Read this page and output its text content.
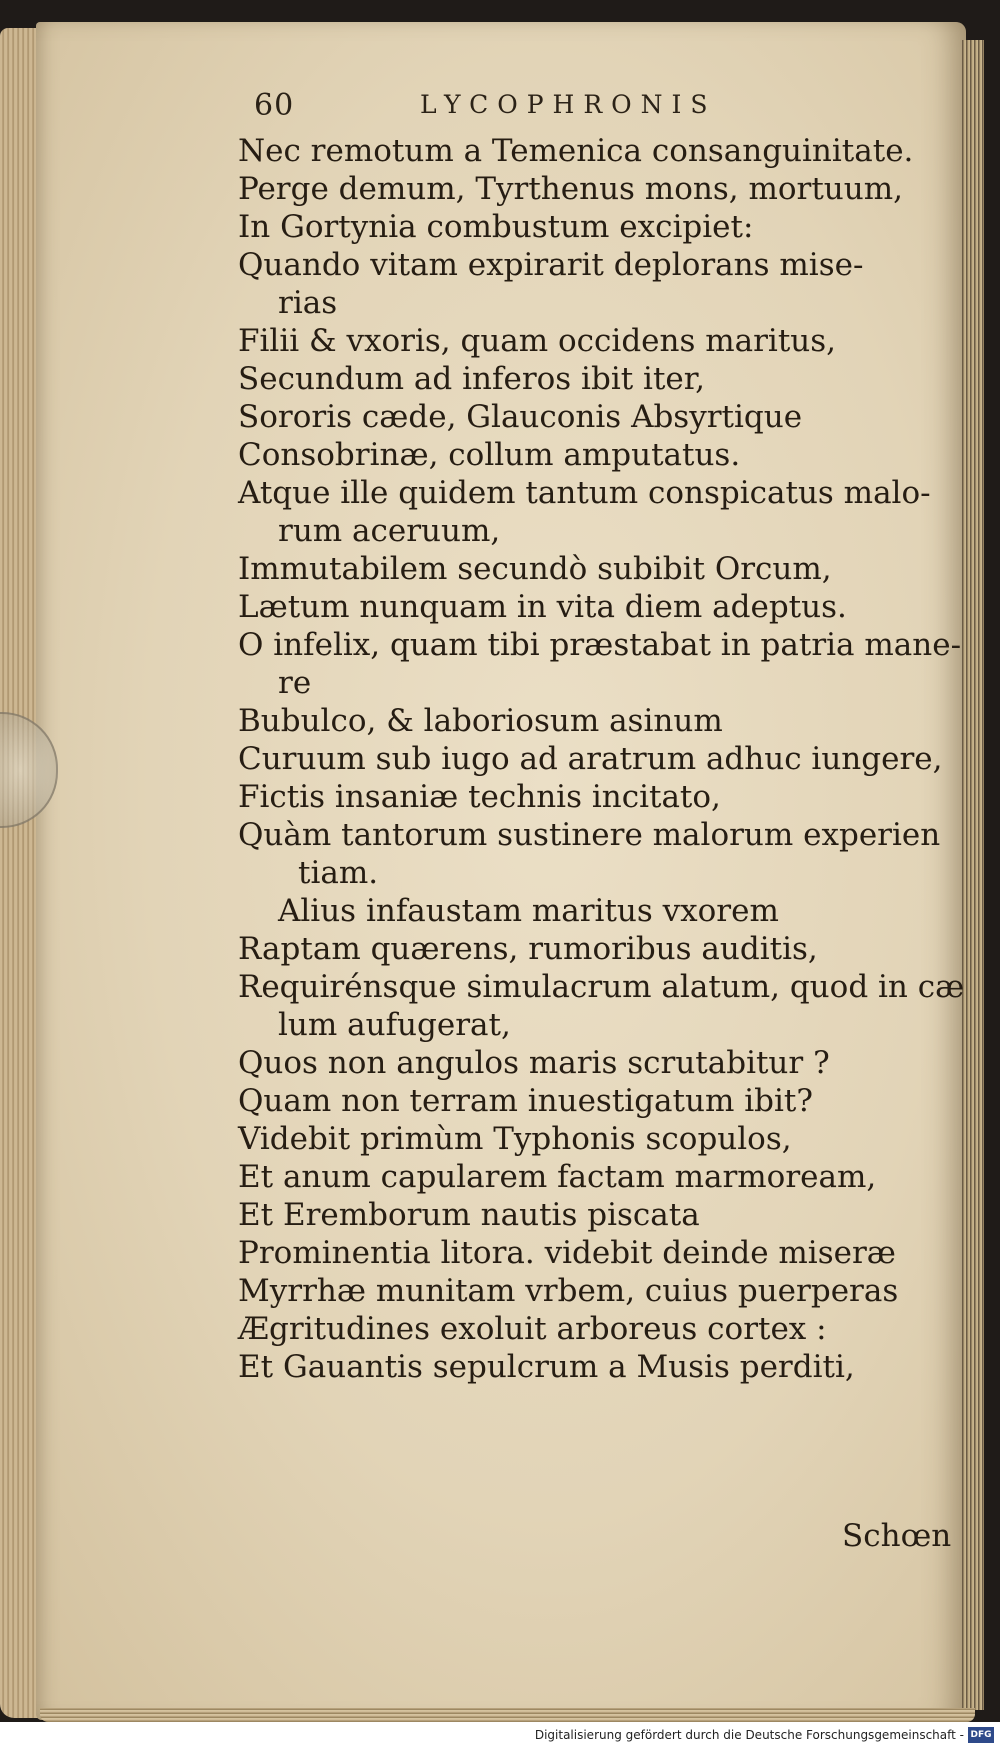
60	LYCOPHRONIS
Nec remotum a Temenica consanguinitate.
Perge demum, Tyrthenus mons, mortuum,
In Gortynia combustum excipiet:
Quando vitam expirarit deplorans mise-
rias
Filii & vxoris, quam occidens maritus,
Secundum ad inferos ibit iter,
Sororis cæde, Glauconis Absyrtique
Consobrinæ, collum amputatus.
Atque ille quidem tantum conspicatus malo-
rum aceruum,
Immutabilem secundò subibit Orcum,
Lætum nunquam in vita diem adeptus.
O infelix, quam tibi præstabat in patria mane-
re
Bubulco, & laboriosum asinum
Curuum sub iugo ad aratrum adhuc iungere,
Fictis insaniæ technis incitato,
Quàm tantorum sustinere malorum experien
tiam.
Alius infaustam maritus vxorem
Raptam quærens, rumoribus auditis,
Requirénsque simulacrum alatum, quod in cæ
lum aufugerat,
Quos non angulos maris scrutabitur ?
Quam non terram inuestigatum ibit?
Videbit primùm Typhonis scopulos,
Et anum capularem factam marmoream,
Et Eremborum nautis piscata
Prominentia litora. videbit deinde miseræ
Myrrhæ munitam vrbem, cuius puerperas
Ægritudines exoluit arboreus cortex :
Et Gauantis sepulcrum a Musis perditi,
Schœn
Digitalisierung gefördert durch die Deutsche Forschungsgemeinschaft - DFG
